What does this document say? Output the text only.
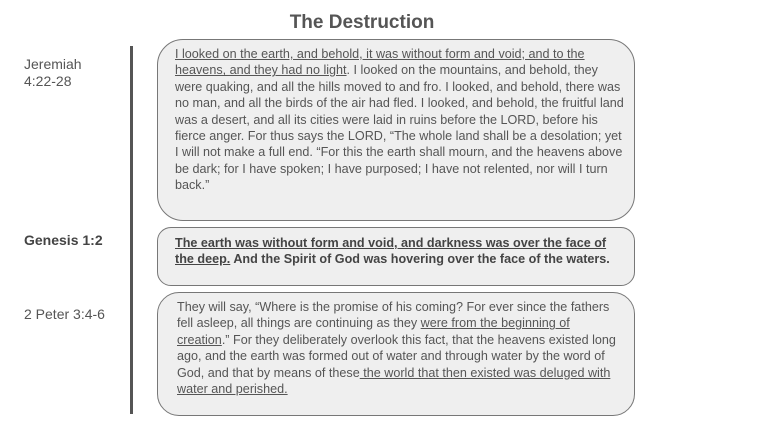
The Destruction
Jeremiah 4:22-28
Genesis 1:2
2 Peter 3:4-6
I looked on the earth, and behold, it was without form and void; and to the heavens, and they had no light. I looked on the mountains, and behold, they were quaking, and all the hills moved to and fro. I looked, and behold, there was no man, and all the birds of the air had fled. I looked, and behold, the fruitful land was a desert, and all its cities were laid in ruins before the LORD, before his fierce anger. For thus says the LORD, “The whole land shall be a desolation; yet I will not make a full end. “For this the earth shall mourn, and the heavens above be dark; for I have spoken; I have purposed; I have not relented, nor will I turn back.”
The earth was without form and void, and darkness was over the face of the deep. And the Spirit of God was hovering over the face of the waters.
They will say, “Where is the promise of his coming? For ever since the fathers fell asleep, all things are continuing as they were from the beginning of creation.” For they deliberately overlook this fact, that the heavens existed long ago, and the earth was formed out of water and through water by the word of God, and that by means of these the world that then existed was deluged with water and perished.
